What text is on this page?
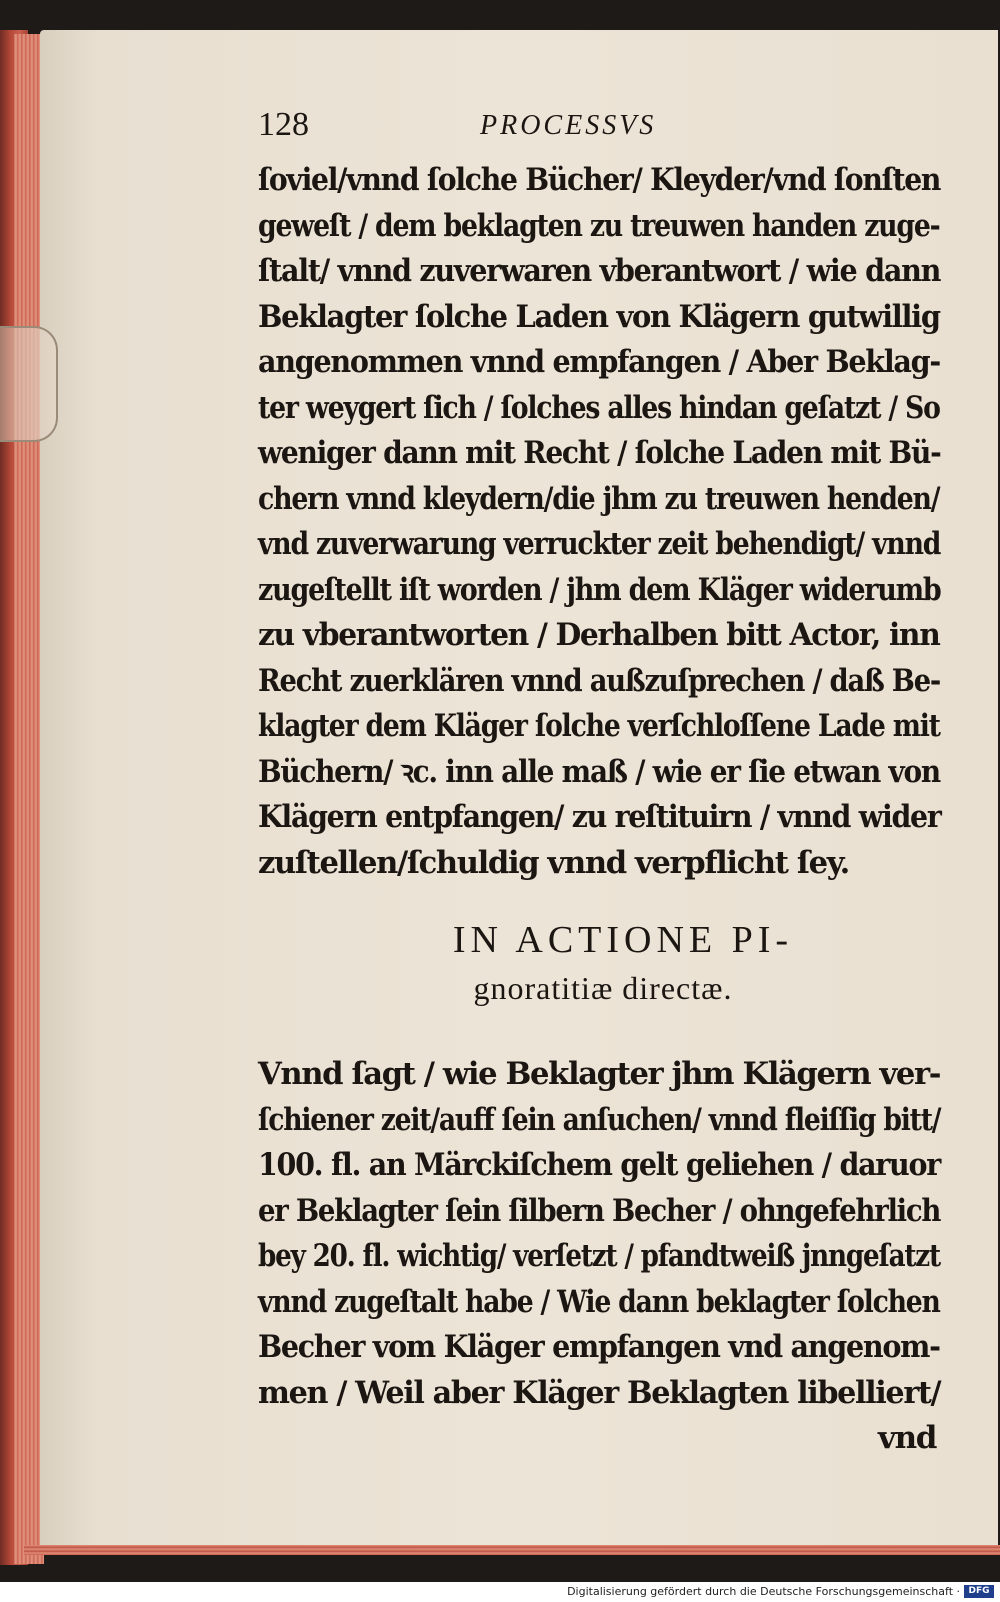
128	PROCESSVS
ſoviel/vnnd ſolche Bücher/ Kleyder/vnd ſonſten
geweſt / dem beklagten zu treuwen handen zuge-
ſtalt/ vnnd zuverwaren vberantwort / wie dann
Beklagter ſolche Laden von Klägern gutwillig
angenommen vnnd empfangen / Aber Beklag-
ter weygert ſich / ſolches alles hindan geſatzt / So
weniger dann mit Recht / ſolche Laden mit Bü-
chern vnnd kleydern/die jhm zu treuwen henden/
vnd zuverwarung verruckter zeit behendigt/ vnnd
zugeſtellt iſt worden / jhm dem Kläger widerumb
zu vberantworten / Derhalben bitt Actor, inn
Recht zuerklären vnnd außzuſprechen / daß Be-
klagter dem Kläger ſolche verſchloſſene Lade mit
Büchern/ ꝛc. inn alle maß / wie er ſie etwan von
Klägern entpfangen/ zu reſtituirn / vnnd wider
zuſtellen/ſchuldig vnnd verpflicht ſey.
IN ACTIONE PI-
gnoratitiæ directæ.
Vnnd ſagt / wie Beklagter jhm Klägern ver-
ſchiener zeit/auff ſein anſuchen/ vnnd fleiſſig bitt/
100. fl. an Märckiſchem gelt geliehen / daruor
er Beklagter ſein ſilbern Becher / ohngefehrlich
bey 20. fl. wichtig/ verſetzt / pfandtweiß jnngeſatzt
vnnd zugeſtalt habe / Wie dann beklagter ſolchen
Becher vom Kläger empfangen vnd angenom-
men / Weil aber Kläger Beklagten libelliert/
vnd
Digitalisierung gefördert durch die Deutsche Forschungsgemeinschaft · DFG
